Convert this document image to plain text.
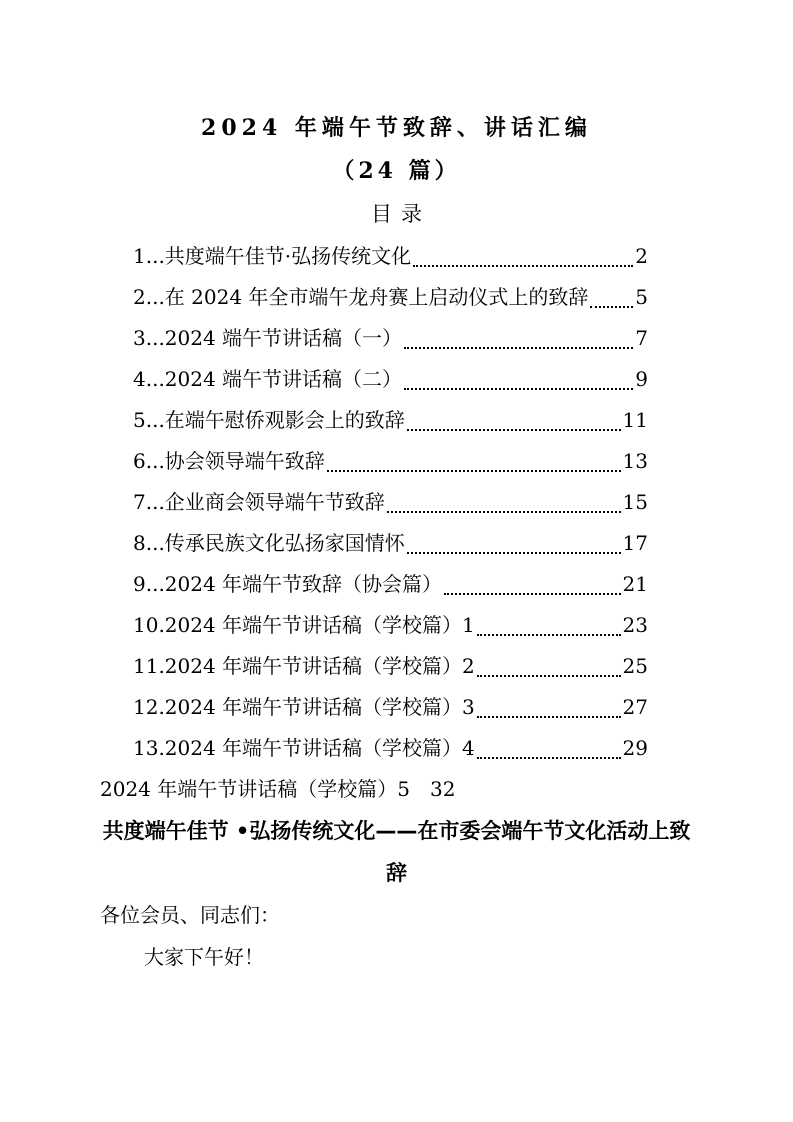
2024 年端午节致辞、讲话汇编
（24 篇）
目录
1...共度端午佳节·弘扬传统文化	2
2...在 2024 年全市端午龙舟赛上启动仪式上的致辞 5
3...2024 端午节讲话稿（一）	7
4...2024 端午节讲话稿（二）	9
5...在端午慰侨观影会上的致辞	11
6...协会领导端午致辞	13
7...企业商会领导端午节致辞	15
8...传承民族文化弘扬家国情怀	17
9...2024 年端午节致辞（协会篇）	21
10.2024 年端午节讲话稿（学校篇）1	23
11.2024 年端午节讲话稿（学校篇）2	25
12.2024 年端午节讲话稿（学校篇）3	27
13.2024 年端午节讲话稿（学校篇）4	29

2024 年端午节讲话稿（学校篇）5　32

共度端午佳节 •弘扬传统文化——在市委会端午节文化活动上致
辞

各位会员、同志们：

大家下午好！
